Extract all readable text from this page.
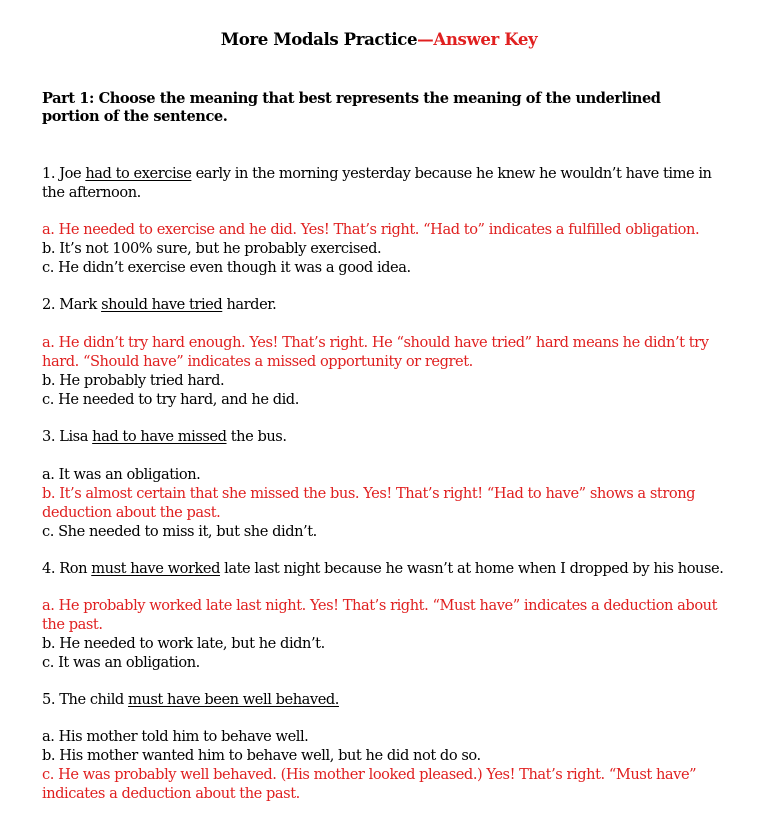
More Modals Practice—Answer Key
Part 1: Choose the meaning that best represents the meaning of the underlined portion of the sentence.
1. Joe had to exercise early in the morning yesterday because he knew he wouldn’t have time in
the afternoon.
a. He needed to exercise and he did. Yes! That’s right. “Had to” indicates a fulfilled obligation.
b. It’s not 100% sure, but he probably exercised.
c. He didn’t exercise even though it was a good idea.
2. Mark should have tried harder.
a. He didn’t try hard enough. Yes! That’s right. He “should have tried” hard means he didn’t try
hard. “Should have” indicates a missed opportunity or regret.
b. He probably tried hard.
c. He needed to try hard, and he did.
3. Lisa had to have missed the bus.
a. It was an obligation.
b. It’s almost certain that she missed the bus. Yes! That’s right! “Had to have” shows a strong
deduction about the past.
c. She needed to miss it, but she didn’t.
4. Ron must have worked late last night because he wasn’t at home when I dropped by his house.
a. He probably worked late last night. Yes! That’s right. “Must have” indicates a deduction about
the past.
b. He needed to work late, but he didn’t.
c. It was an obligation.
5. The child must have been well behaved.
a. His mother told him to behave well.
b. His mother wanted him to behave well, but he did not do so.
c. He was probably well behaved. (His mother looked pleased.) Yes! That’s right. “Must have”
indicates a deduction about the past.
